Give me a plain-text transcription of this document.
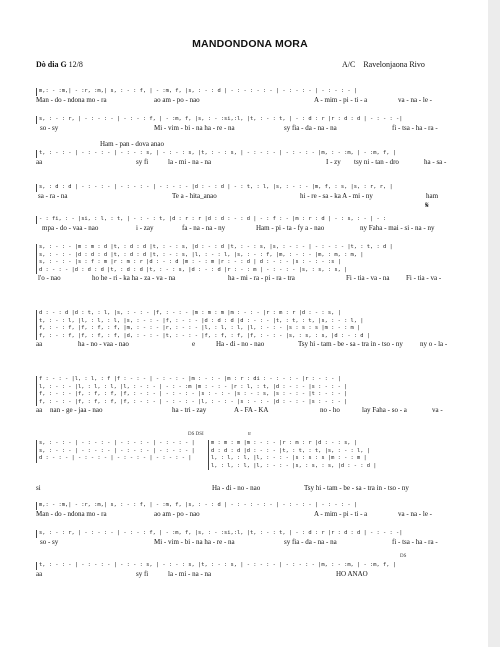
MANDONDONA MORA
Dò dia G 12/8	A/C Ravelonjaona Rivo
m,: - :m,| - :r, :m,| s, : - : f, | - :m, f, |s, : - : d | - : - : - : - | - : - : - | - : - : - |
Man - do - ndona mo - ra	ao am - po - nao	A - mim - pi - ti - a	va - na - le -
s, : - : r, | - : - : - | - : - : f, | - :m, f, |s, : - :si,:l, |t, : - : t, | - : d : r |r : d : d | - : - : -|
so - sy	Mi - vim - bi - na ha - re - na	sy fia - da - na - na	fi - tsa - ha - ra -
Ham - pan - dova anao
t, : - : - | - : - : - | - : - : s, | - : - : s, |t, : - : s, | - : - : - | - : - : - |m, : - :m, | - :m, f, |
aa	sy fi	la - mi - na - na	I - zy tsy ni - tan - dro	ha - sa -
s, : d : d | - : - : - | - : - : - | - : - : - |d : - : d | - : t, : l, |s, : - : - |m, f, : s, |s, : r, r, |
sa - ra - na	Te a - hita_anao	hi - re - sa - ka A - mi - ny	ham
𝄋
- : fi, : - |si, : l, : t, | - : - : t, |d : r : r |d : d : - : d | - : f : - |m : r : d | - : s, : - | - :
mpa - do - vaa - nao	i - zay	fa - na - na - ny	Ham - pi - ta - fy a - nao	ny Faha - mai - si - na - ny
s, : - : - |m : m : d |t, : d : d |t, : - : s, |d : - : d |t, : - : s, |s, : - : - | - : - : - |t, : t, : d |
s, : - : - |d : d : d |t, : d : d |t, : - : s, |l, : - : l, |s, : - : f, |m, : - : - |m, : m, : m, |
s, : - : - |s : f : m |r : m : r |d : - : d |m : - : m |r : - : d | d : - : - |s : - : - :s |
d : - : - |d : d : d |t, : d : d |t, : - : s, |d : - : d |r : - : m | - : - : - |s, : s, : s, |
l'o - nao	ho he - ri - ka ha - za - va - na	ha - mi - ra - pi - ra - tra	Fi - tia - va - na Fi - tia - va -
d : - : d |d : t, : l, |s, : - : - |f, : - : - |m : m : m |m : - : - |r : m : r |d : - : s, |
t, : - : l, |l, : l, : l, |s, : - : - |f, : - : - |d : d : d |d : - : - |t, : t, : t, |s, : - : l, |
f, : - : f, |f, : f, : f, |m, : - : - |r, : - : - |l, : l, : l, |l, : - : - |s : s : s |m : - : m |
f, : - : f, |f, : f, : f, |d, : - : - |t, : - : - |f, : f, : f, |f, : - : - |s, : s, : s, |d : - : d |
aa	ha - no - vaa - nao	e	Ha - di - no - nao	Tsy hi - tam - be - sa - tra in - tso - ny ny o - la -
f : - : - |l, : l, : f |f : - : - | - : - : - |m : - : - |m : r : di : - : - : - |r : - : - |
l, : - : - |l, : l, : l, |l, : - : - | - : - :m |m : - : - |r : l, : t, |d : - : - |s : - : - |
f, : - : - |f, : f, : f, |f, : - : - | - : - : - |s : - : - |s : - : s, |s : - : - |t : - : - |
f, : - : - |f, : f, : f, |f, : - : - | - : - : - |l, : - : - |s : - : - |d : - : - |s : - : - |
aa nan - ge - jaa - nao	ha - tri - zay	A - FA - KA	no - ho	lay Faha - so - a	va -
DS DSI	tr
s, : - : - | - : - : - | - : - : - | - : - : - |
s, : - : - | - : - : - | - : - : - | - : - : - |
d : - : - | - : - : - | - : - : - | - : - : - |
m : m : m |m : - : - |r : m : r |d : - : s, |
d : d : d |d : - : - |t, : t, : t, |s, : - : l, |
l, : l, : l, |l, : - : - |s : s : s |m : - : m |
l, : l, : l, |l, : - : - |s, : s, : s, |d : - : d |
si	Ha - di - no - nao	Tsy hi - tam - be - sa - tra in - tso - ny
m,: - :m,| - :r, :m,| s, : - : f, | - :m, f, |s, : - : d | - : - : - : - | - : - : - | - : - : - |
Man - do - ndona mo - ra	ao am - po - nao	A - mim - pi - ti - a	va - na - le -
s, : - : r, | - : - : - | - : - : f, | - :m, f, |s, : - :si,:l, |t, : - : t, | - : d : r |r : d : d | - : - : -|
so - sy	Mi - vim - bi - na ha - re - na	sy fia - da - na - na	fi - tsa - ha - ra -
DS
t, : - : - | - : - : - | - : - : s, | - : - : s, |t, : - : s, | - : - : - | - : - : - |m, : - :m, | - :m, f, |
aa	sy fi	la - mi - na - na	HO ANAO
